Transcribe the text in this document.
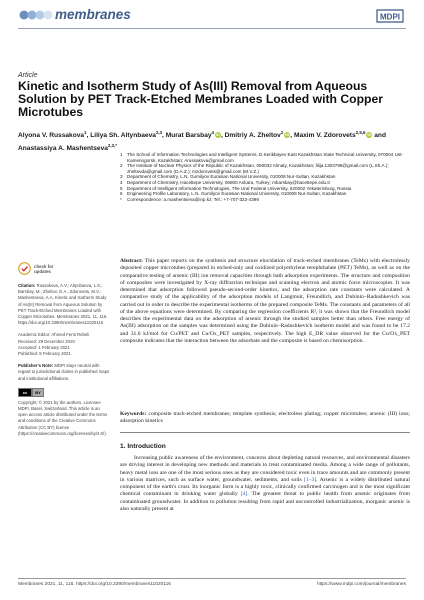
membranes	MDPI
Article
Kinetic and Isotherm Study of As(III) Removal from Aqueous Solution by PET Track-Etched Membranes Loaded with Copper Microtubes
Alyona V. Russakova$^1$, Liliya Sh. Altynbaeva$^{2,3}$, Murat Barsbay$^4$ iD, Dmitriy A. Zheltov$^2$ iD, Maxim V. Zdorovets$^{2,5,6}$ iD and Anastassiya A. Mashentseva$^{2,3,*}$
1 The School of Information Technologies and Intelligent Systems, D.Serikbayev East Kazakhstan State Technical University, 070004 Ust-Kamenogorsk, Kazakhstan; Arussakova@gmail.com
2 The Institute of Nuclear Physics of the Republic of Kazakhstan, 050032 Almaty, Kazakhstan; lilija.1303798@gmail.com (L.Sh.A.); zheltovda@gmail.com (D.A.Z.); mzdorovets@gmail.com (M.V.Z.)
3 Department of Chemistry, L.N. Gumilyov Eurasian National University, 010008 Nur-Sultan, Kazakhstan
4 Department of Chemistry, Hacettepe University, 06800 Ankara, Turkey; mbarsbay@hacettepe.edu.tr
5 Department of Intelligent Information Technologies, The Ural Federal University, 620002 Yekaterinburg, Russia
6 Engineering Profile Laboratory, L.N. Gumilyov Eurasian National University, 010008 Nur-Sultan, Kazakhstan
*	Correspondence: a.mashentseva@inp.kz; Tel.: +7-707-322-4399
check for
updates
Citation: Russakova, A.V.; Altynbaeva, L.S.; Barsbay, M.; Zheltov, D.A.; Zdorovets, M.V.; Mashentseva, A.A. Kinetic and Isotherm Study of As(III) Removal from Aqueous Solution by PET Track-Etched Membranes Loaded with Copper Microtubes. Membranes 2021, 11, 116. https://doi.org/10.3390/membranes11020116
Academic Editor: Ahmed Fenti Rebeli
Received: 29 December 2020
Accepted: 1 February 2021
Published: 8 February 2021
Publisher's Note: MDPI stays neutral with regard to jurisdictional claims in published maps and institutional affiliations.
cc	BY
Copyright: © 2021 by the authors. Licensee MDPI, Basel, Switzerland. This article is an open access article distributed under the terms and conditions of the Creative Commons Attribution (CC BY) license (https://creativecommons.org/licenses/by/4.0/).
Abstract: This paper reports on the synthesis and structure elucidation of track-etched membranes (TeMs) with electrolessly deposited copper microtubes (prepared in etched-only and oxidized polyethylene terephthalate (PET) TeMs), as well as on the comparative testing of arsenic (III) ion removal capacities through bath adsorption experiments. The structure and composition of composites were investigated by X-ray diffraction technique and scanning electron and atomic force microscopies. It was determined that adsorption followed pseudo-second-order kinetics, and the adsorption rate constants were calculated. A comparative study of the applicability of the adsorption models of Langmuir, Freundlich, and Dubinin–Radushkevich was carried out in order to describe the experimental isotherms of the prepared composite TeMs. The constants and parameters of all of the above equations were determined. By comparing the regression coefficients R², it was shown that the Freundlich model describes the experimental data on the adsorption of arsenic through the studied samples better than others. Free energy of As(III) adsorption on the samples was determined using the Dubinin–Radushkevich isotherm model and was found to be 17.2 and 31.6 kJ/mol for Cu/PET and Cu/Ox_PET samples, respectively. The high E_DR value observed for the Cu/Ox_PET composite indicates that the interaction between the adsorbate and the composite is based on chemisorption.
Keywords: composite track-etched membranes; template synthesis; electroless plating; copper microtubes; arsenic (III) ions; adsorption kinetics
1. Introduction
Increasing public awareness of the environment, concerns about depleting natural resources, and environmental disasters are driving interest in developing new methods and materials to treat contaminated media. Among a wide range of pollutants, heavy metal ions are one of the most serious ones as they are considered toxic even in trace amounts and are commonly present in various matrices, such as surface water, groundwater, sediments, and soils [1–3]. Arsenic is a widely distributed natural component of the earth's crust. Its inorganic form is a highly toxic, clinically confirmed carcinogen and is the most significant chemical contaminant in drinking water globally [4]. The greatest threat to public health from arsenic originates from contaminated groundwater. In addition to pollution resulting from rapid and uncontrolled industrialization, inorganic arsenic is also naturally present at
Membranes 2021, 11, 116. https://doi.org/10.3390/membranes11020116	https://www.mdpi.com/journal/membranes
